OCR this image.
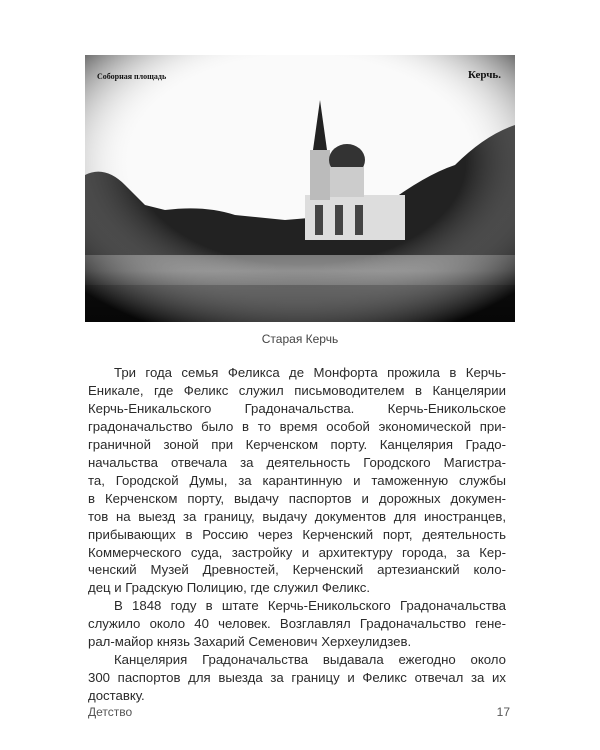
Соборная площадь	Керчь.
Старая Керчь
Три года семья Феликса де Монфорта прожила в Керчь-
Еникале, где Феликс служил письмоводителем в Канцелярии
Керчь-Еникальского Градоначальства. Керчь-Еникольское
градоначальство было в то время особой экономической при-
граничной зоной при Керченском порту. Канцелярия Градо-
начальства отвечала за деятельность Городского Магистра-
та, Городской Думы, за карантинную и таможенную службы
в Керченском порту, выдачу паспортов и дорожных докумен-
тов на выезд за границу, выдачу документов для иностранцев,
прибывающих в Россию через Керченский порт, деятельность
Коммерческого суда, застройку и архитектуру города, за Кер-
ченский Музей Древностей, Керченский артезианский коло-
дец и Градскую Полицию, где служил Феликс.
В 1848 году в штате Керчь-Еникольского Градоначальства
служило около 40 человек. Возглавлял Градоначальство гене-
рал-майор князь Захарий Семенович Херхеулидзев.
Канцелярия Градоначальства выдавала ежегодно около
300 паспортов для выезда за границу и Феликс отвечал за их
доставку.
Детство	17
